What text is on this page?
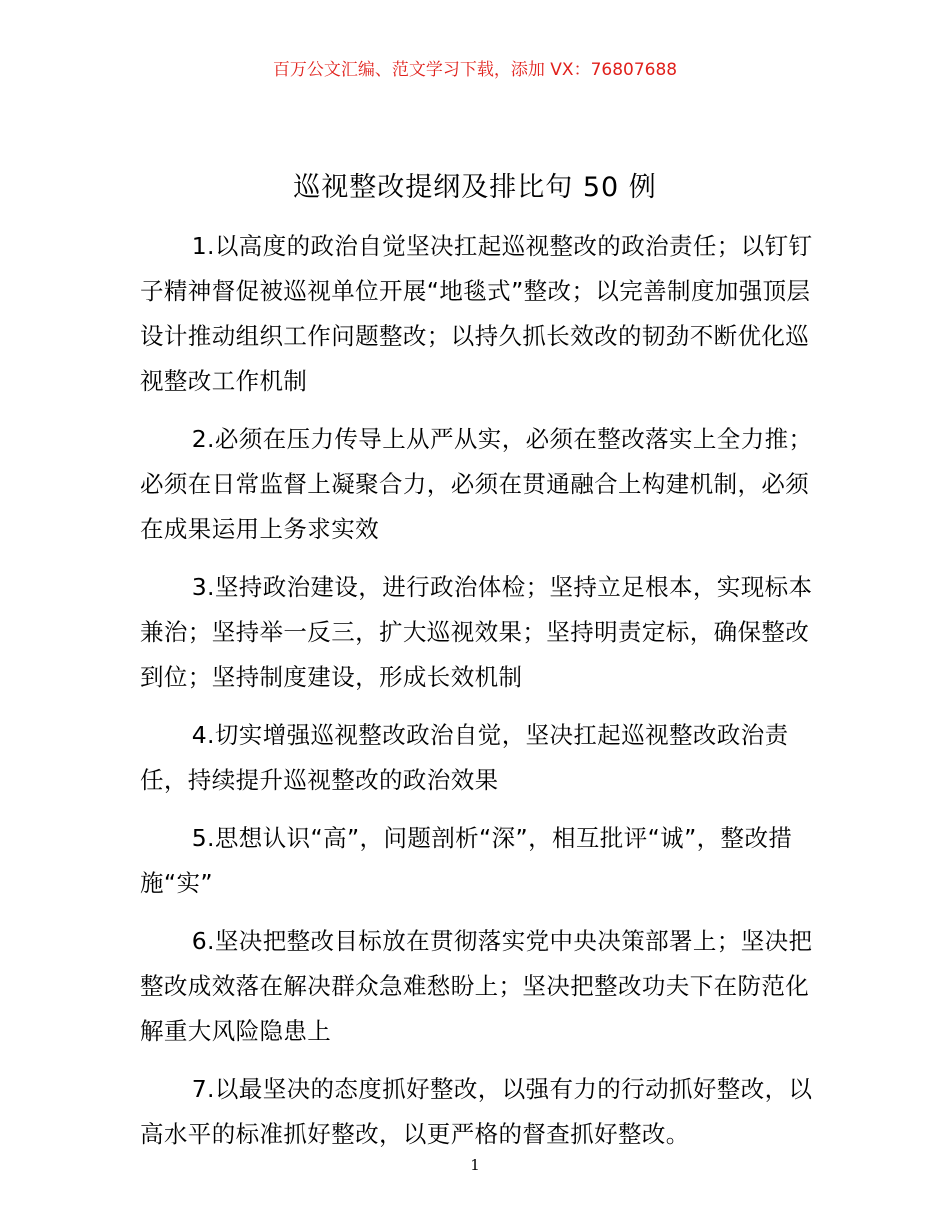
百万公文汇编、范文学习下载，添加 VX：76807688
巡视整改提纲及排比句 50 例

1.以高度的政治自觉坚决扛起巡视整改的政治责任；以钉钉子精神督促被巡视单位开展“地毯式”整改；以完善制度加强顶层设计推动组织工作问题整改；以持久抓长效改的韧劲不断优化巡视整改工作机制

2.必须在压力传导上从严从实，必须在整改落实上全力推；必须在日常监督上凝聚合力，必须在贯通融合上构建机制，必须在成果运用上务求实效

3.坚持政治建设，进行政治体检；坚持立足根本，实现标本兼治；坚持举一反三，扩大巡视效果；坚持明责定标，确保整改到位；坚持制度建设，形成长效机制

4.切实增强巡视整改政治自觉，坚决扛起巡视整改政治责任，持续提升巡视整改的政治效果

5.思想认识“高”，问题剖析“深”，相互批评“诚”，整改措施“实”

6.坚决把整改目标放在贯彻落实党中央决策部署上；坚决把整改成效落在解决群众急难愁盼上；坚决把整改功夫下在防范化解重大风险隐患上

7.以最坚决的态度抓好整改，以强有力的行动抓好整改，以高水平的标准抓好整改，以更严格的督查抓好整改。

1
